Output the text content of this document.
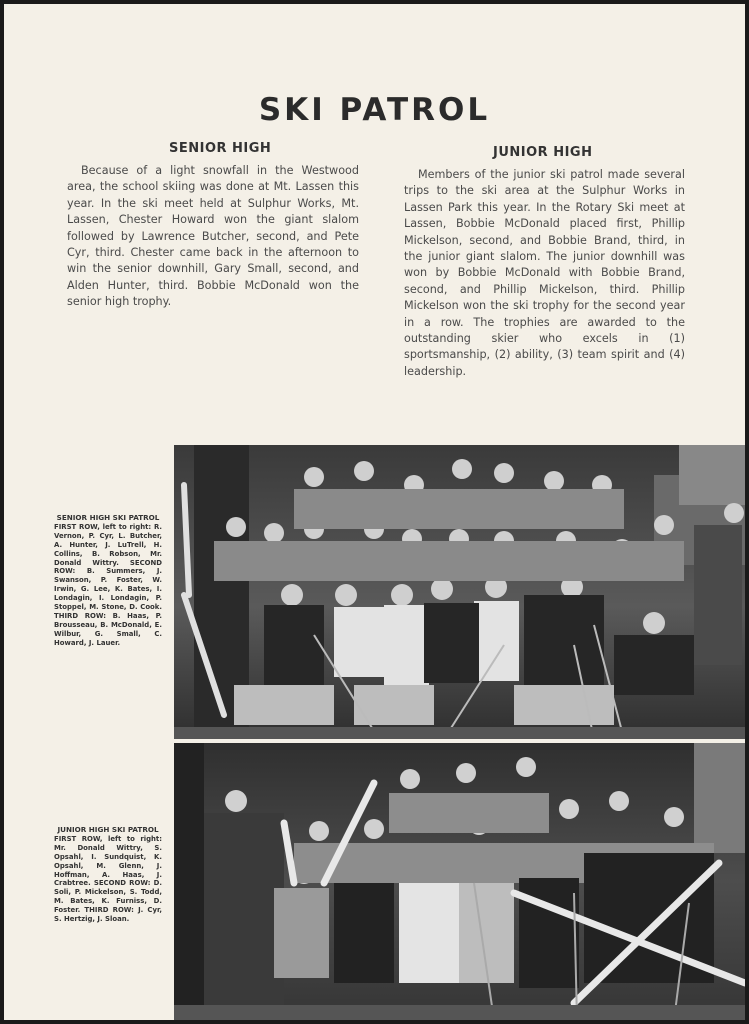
SKI PATROL
SENIOR HIGH

Because of a light snowfall in the Westwood area, the school skiing was done at Mt. Lassen this year. In the ski meet held at Sulphur Works, Mt. Lassen, Chester Howard won the giant slalom followed by Lawrence Butcher, second, and Pete Cyr, third. Chester came back in the afternoon to win the senior downhill, Gary Small, second, and Alden Hunter, third. Bobbie McDonald won the senior high trophy.

JUNIOR HIGH

Members of the junior ski patrol made several trips to the ski area at the Sulphur Works in Lassen Park this year. In the Rotary Ski meet at Lassen, Bobbie McDonald placed first, Phillip Mickelson, second, and Bobbie Brand, third, in the junior giant slalom. The junior downhill was won by Bobbie McDonald with Bobbie Brand, second, and Phillip Mickelson, third. Phillip Mickelson won the ski trophy for the second year in a row. The trophies are awarded to the outstanding skier who excels in (1) sportsmanship, (2) ability, (3) team spirit and (4) leadership.

SENIOR HIGH SKI PATROL
FIRST ROW, left to right: R. Vernon, P. Cyr, L. Butcher, A. Hunter, J. LuTrell, H. Collins, B. Robson, Mr. Donald Wittry. SECOND ROW: B. Summers, J. Swanson, P. Foster, W. Irwin, G. Lee, K. Bates, I. Londagin, I. Londagin, P. Stoppel, M. Stone, D. Cook. THIRD ROW: B. Haas, P. Brousseau, B. McDonald, E. Wilbur, G. Small, C. Howard, J. Lauer.

JUNIOR HIGH SKI PATROL
FIRST ROW, left to right: Mr. Donald Wittry, S. Opsahl, I. Sundquist, K. Opsahl, M. Glenn, J. Hoffman, A. Haas, J. Crabtree. SECOND ROW: D. Soli, P. Mickelson, S. Todd, M. Bates, K. Furniss, D. Foster. THIRD ROW: J. Cyr, S. Hertzig, J. Sloan.
